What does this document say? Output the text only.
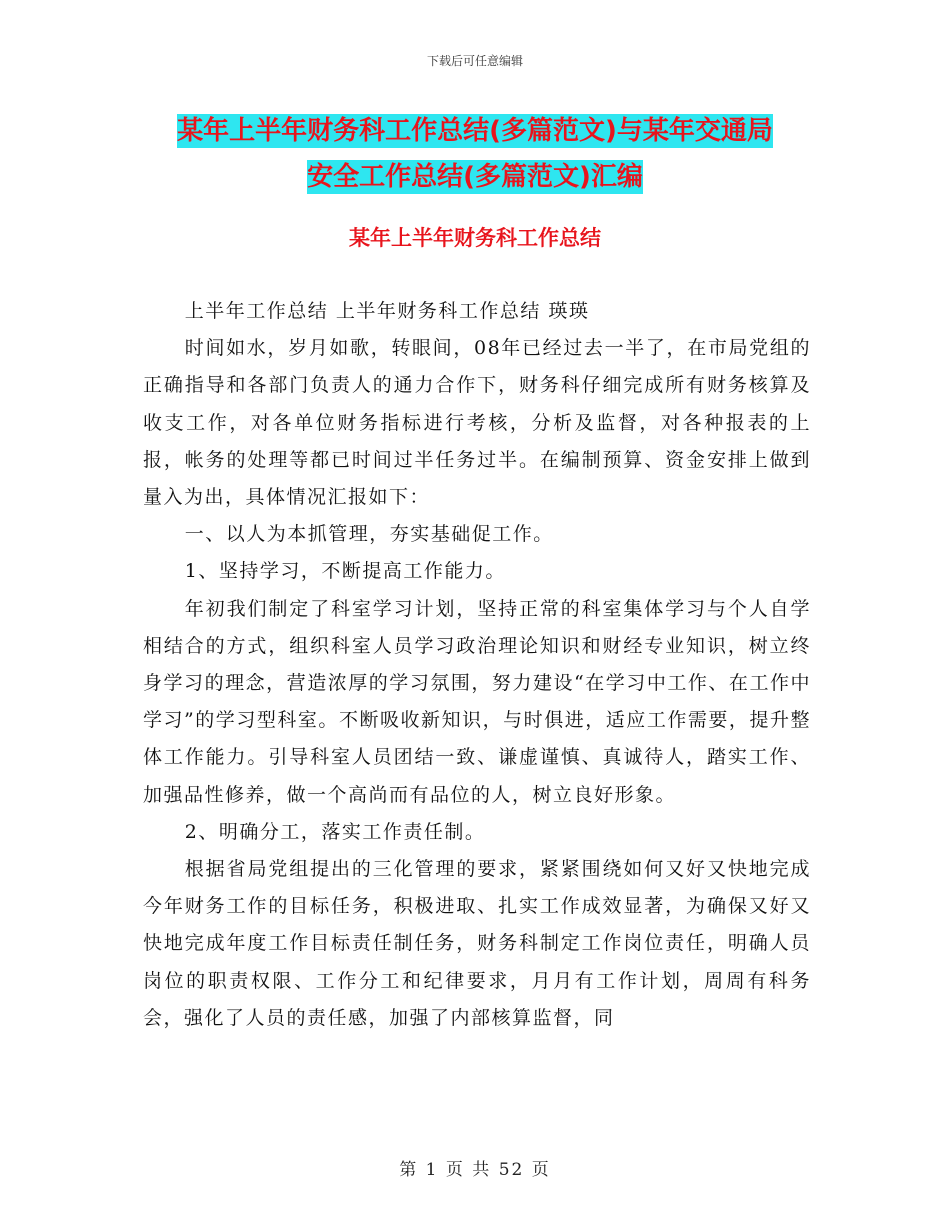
下载后可任意编辑
某年上半年财务科工作总结(多篇范文)与某年交通局
安全工作总结(多篇范文)汇编
某年上半年财务科工作总结

上半年工作总结 上半年财务科工作总结 瑛瑛

时间如水，岁月如歌，转眼间，08年已经过去一半了，在市局党组的正确指导和各部门负责人的通力合作下，财务科仔细完成所有财务核算及收支工作，对各单位财务指标进行考核，分析及监督，对各种报表的上报，帐务的处理等都已时间过半任务过半。在编制预算、资金安排上做到量入为出，具体情况汇报如下：

一、以人为本抓管理，夯实基础促工作。

1、坚持学习，不断提高工作能力。

年初我们制定了科室学习计划，坚持正常的科室集体学习与个人自学相结合的方式，组织科室人员学习政治理论知识和财经专业知识，树立终身学习的理念，营造浓厚的学习氛围，努力建设“在学习中工作、在工作中学习”的学习型科室。不断吸收新知识，与时俱进，适应工作需要，提升整体工作能力。引导科室人员团结一致、谦虚谨慎、真诚待人，踏实工作、加强品性修养，做一个高尚而有品位的人，树立良好形象。

2、明确分工，落实工作责任制。

根据省局党组提出的三化管理的要求，紧紧围绕如何又好又快地完成今年财务工作的目标任务，积极进取、扎实工作成效显著，为确保又好又快地完成年度工作目标责任制任务，财务科制定工作岗位责任，明确人员岗位的职责权限、工作分工和纪律要求，月月有工作计划，周周有科务会，强化了人员的责任感，加强了内部核算监督，同

第 1 页 共 52 页
